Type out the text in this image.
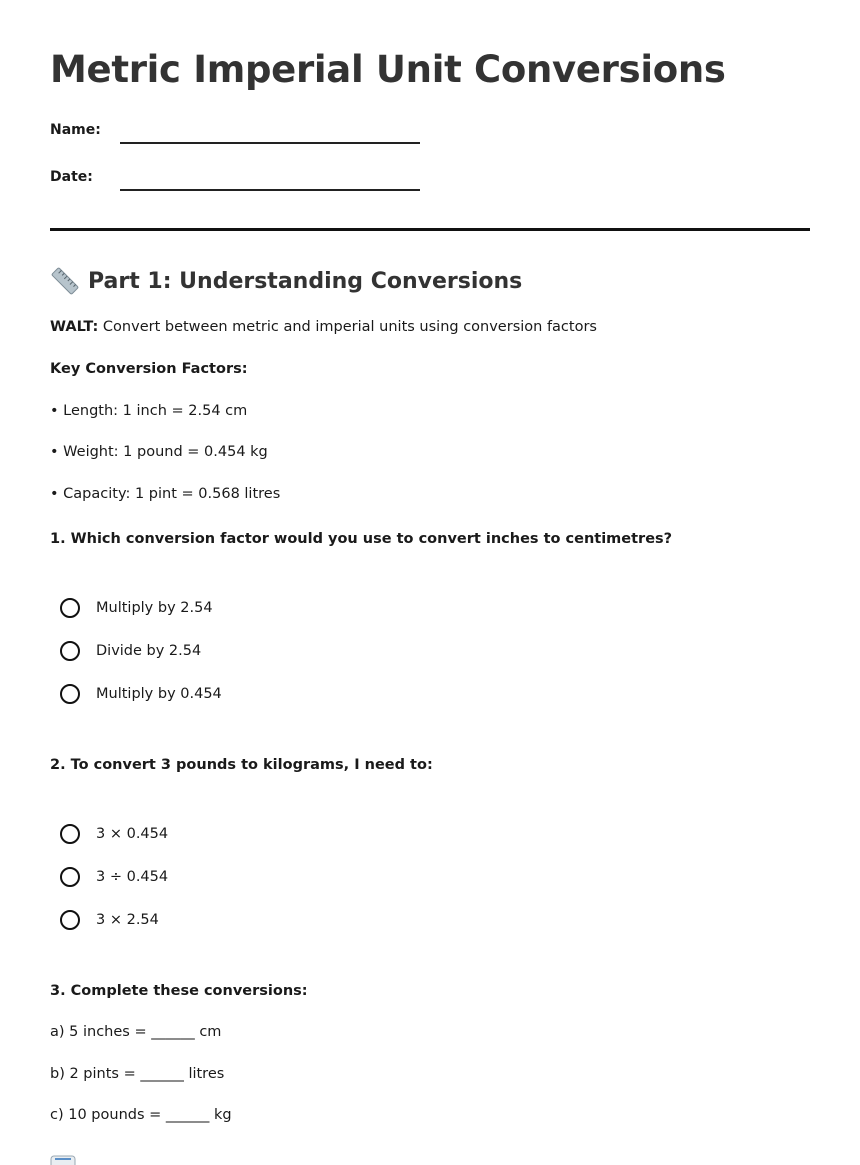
Metric Imperial Unit Conversions
Name:
Date:
Part 1: Understanding Conversions
WALT: Convert between metric and imperial units using conversion factors
Key Conversion Factors:
• Length: 1 inch = 2.54 cm
• Weight: 1 pound = 0.454 kg
• Capacity: 1 pint = 0.568 litres
1. Which conversion factor would you use to convert inches to centimetres?
Multiply by 2.54
Divide by 2.54
Multiply by 0.454
2. To convert 3 pounds to kilograms, I need to:
3 × 0.454
3 ÷ 0.454
3 × 2.54
3. Complete these conversions:
a) 5 inches = ______ cm
b) 2 pints = ______ litres
c) 10 pounds = ______ kg
